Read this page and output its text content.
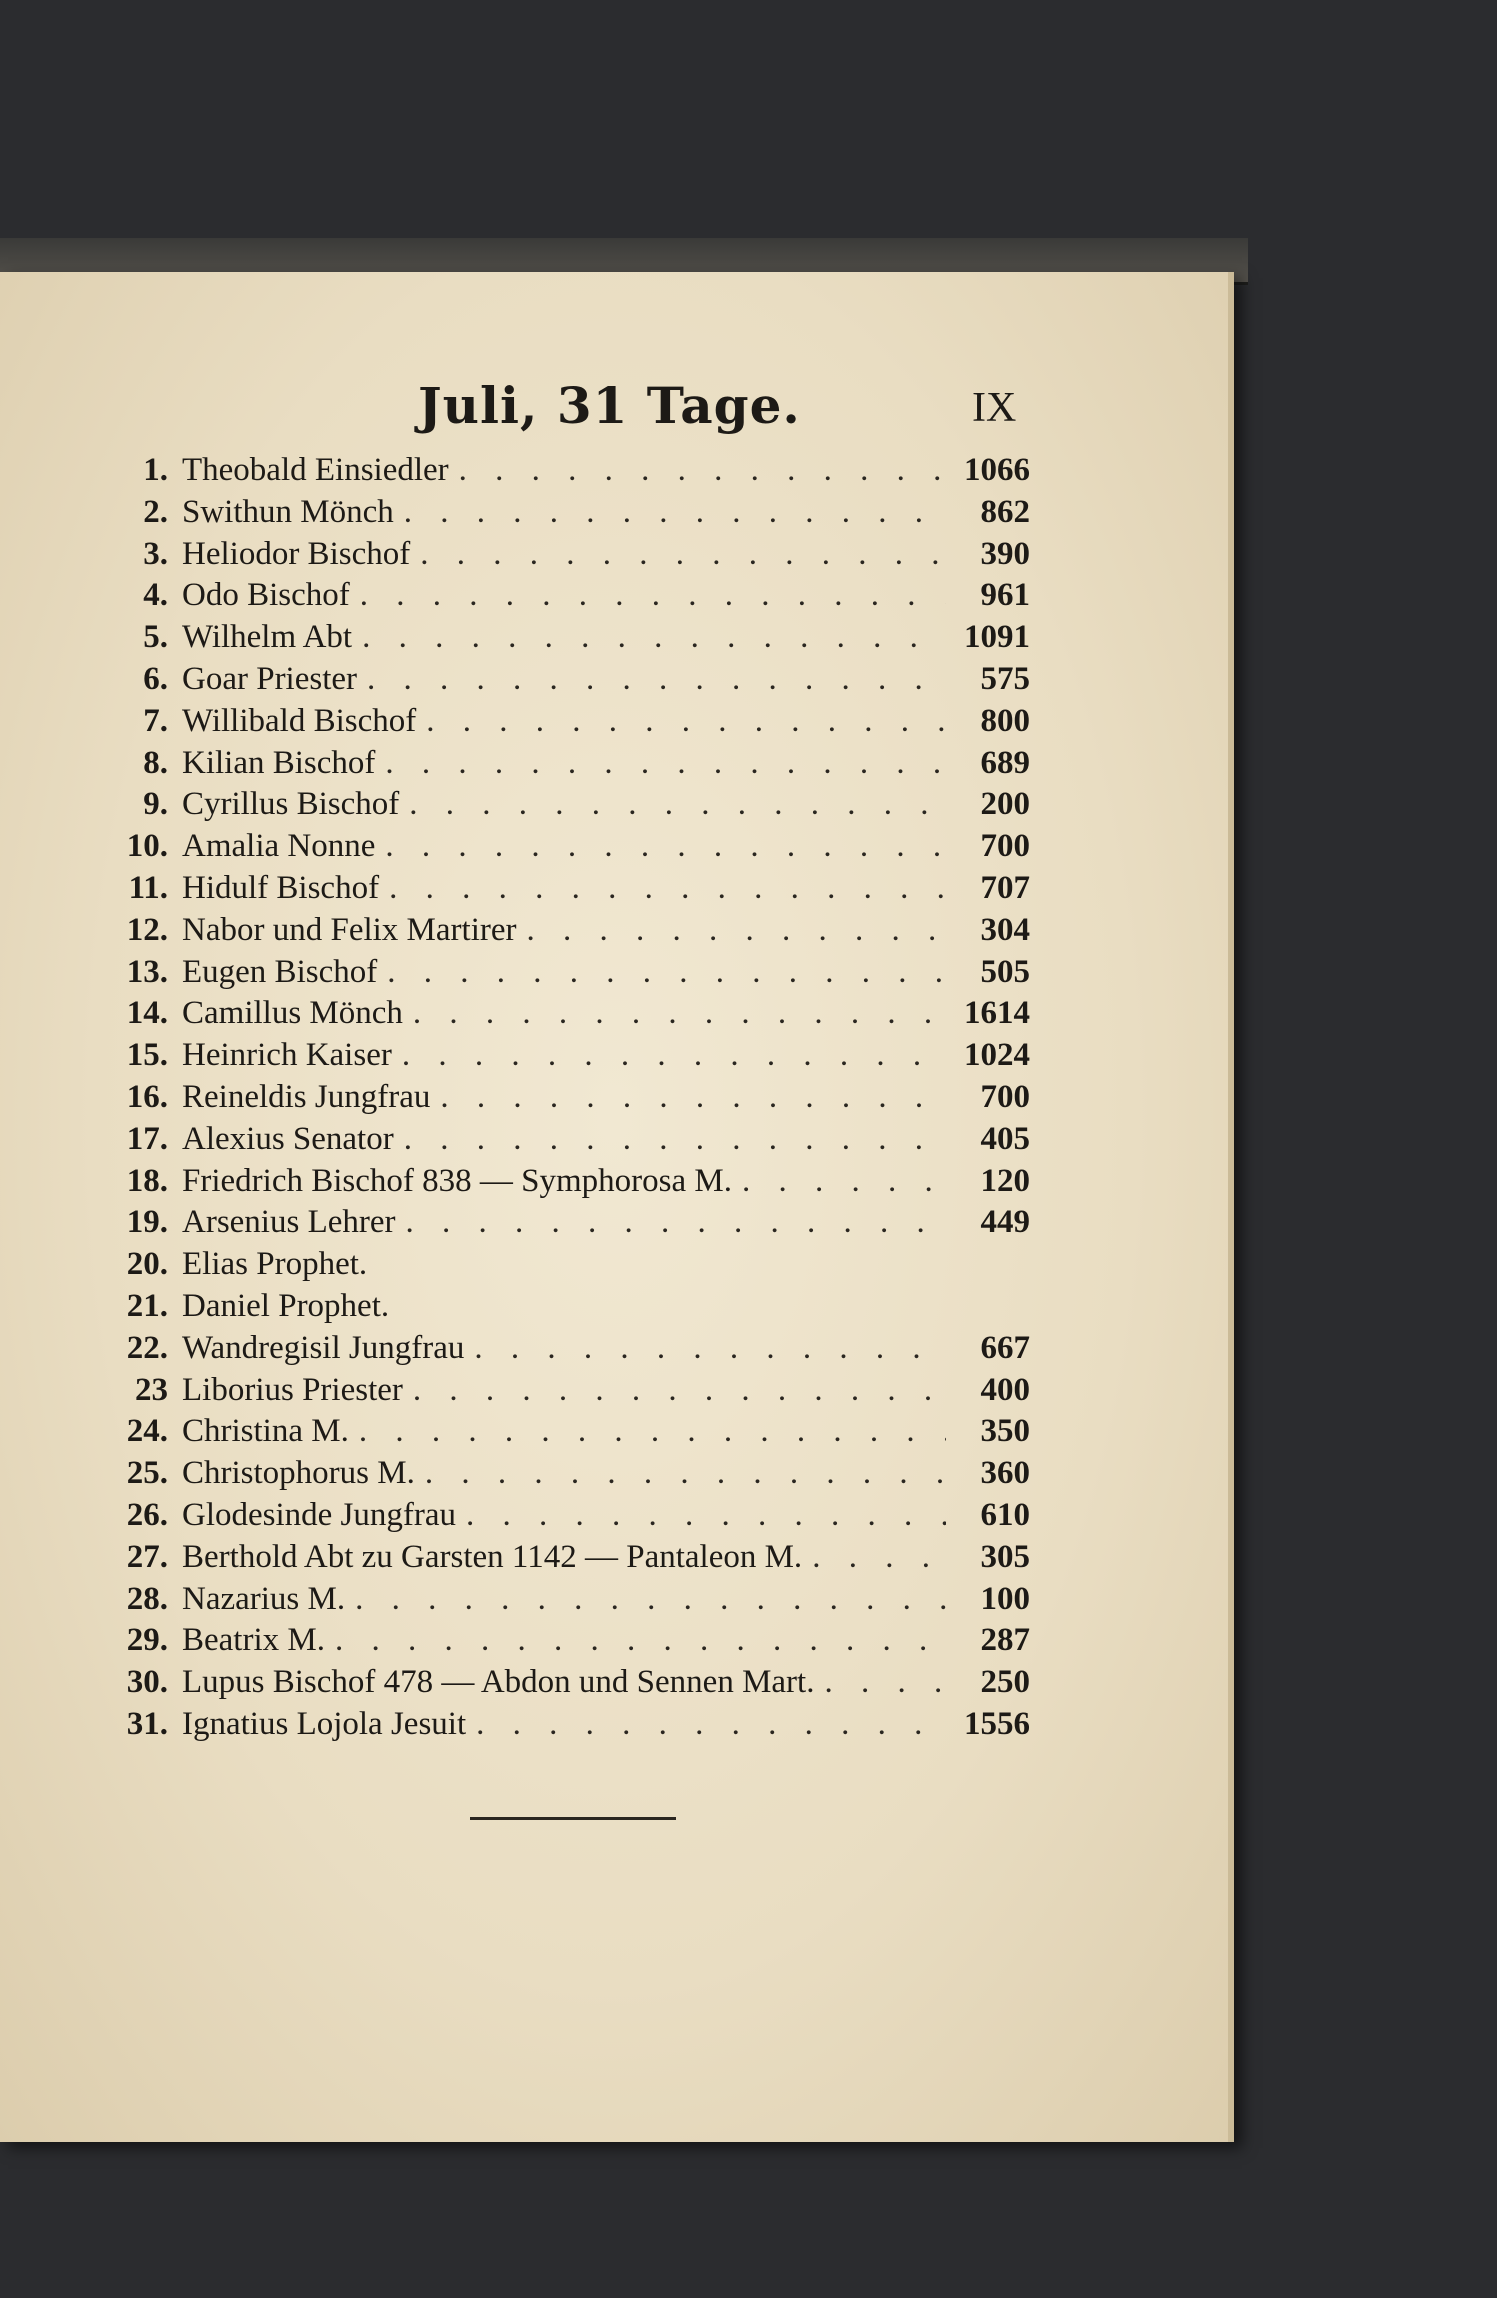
Juli, 31 Tage.	IX
1. Theobald Einsiedler . . .	1066
2. Swithun Mönch . . .	862
3. Heliodor Bischof . . .	390
4. Odo Bischof . . .	961
5. Wilhelm Abt . . .	1091
6. Goar Priester . . .	575
7. Willibald Bischof . . .	800
8. Kilian Bischof . . .	689
9. Cyrillus Bischof . . .	200
10. Amalia Nonne . . .	700
11. Hidulf Bischof . . .	707
12. Nabor und Felix Martirer . . .	304
13. Eugen Bischof . . .	505
14. Camillus Mönch . . .	1614
15. Heinrich Kaiser . . .	1024
16. Reineldis Jungfrau . . .	700
17. Alexius Senator . . .	405
18. Friedrich Bischof 838 — Symphorosa M. . . .	120
19. Arsenius Lehrer . . .	449
20. Elias Prophet.
21. Daniel Prophet.
22. Wandregisil Jungfrau . . .	667
23 Liborius Priester . . .	400
24. Christina M. . . .	350
25. Christophorus M. . . .	360
26. Glodesinde Jungfrau . . .	610
27. Berthold Abt zu Garsten 1142 — Pantaleon M. . . .	305
28. Nazarius M. . . .	100
29. Beatrix M. . . .	287
30. Lupus Bischof 478 — Abdon und Sennen Mart. . . .	250
31. Ignatius Lojola Jesuit . . .	1556
